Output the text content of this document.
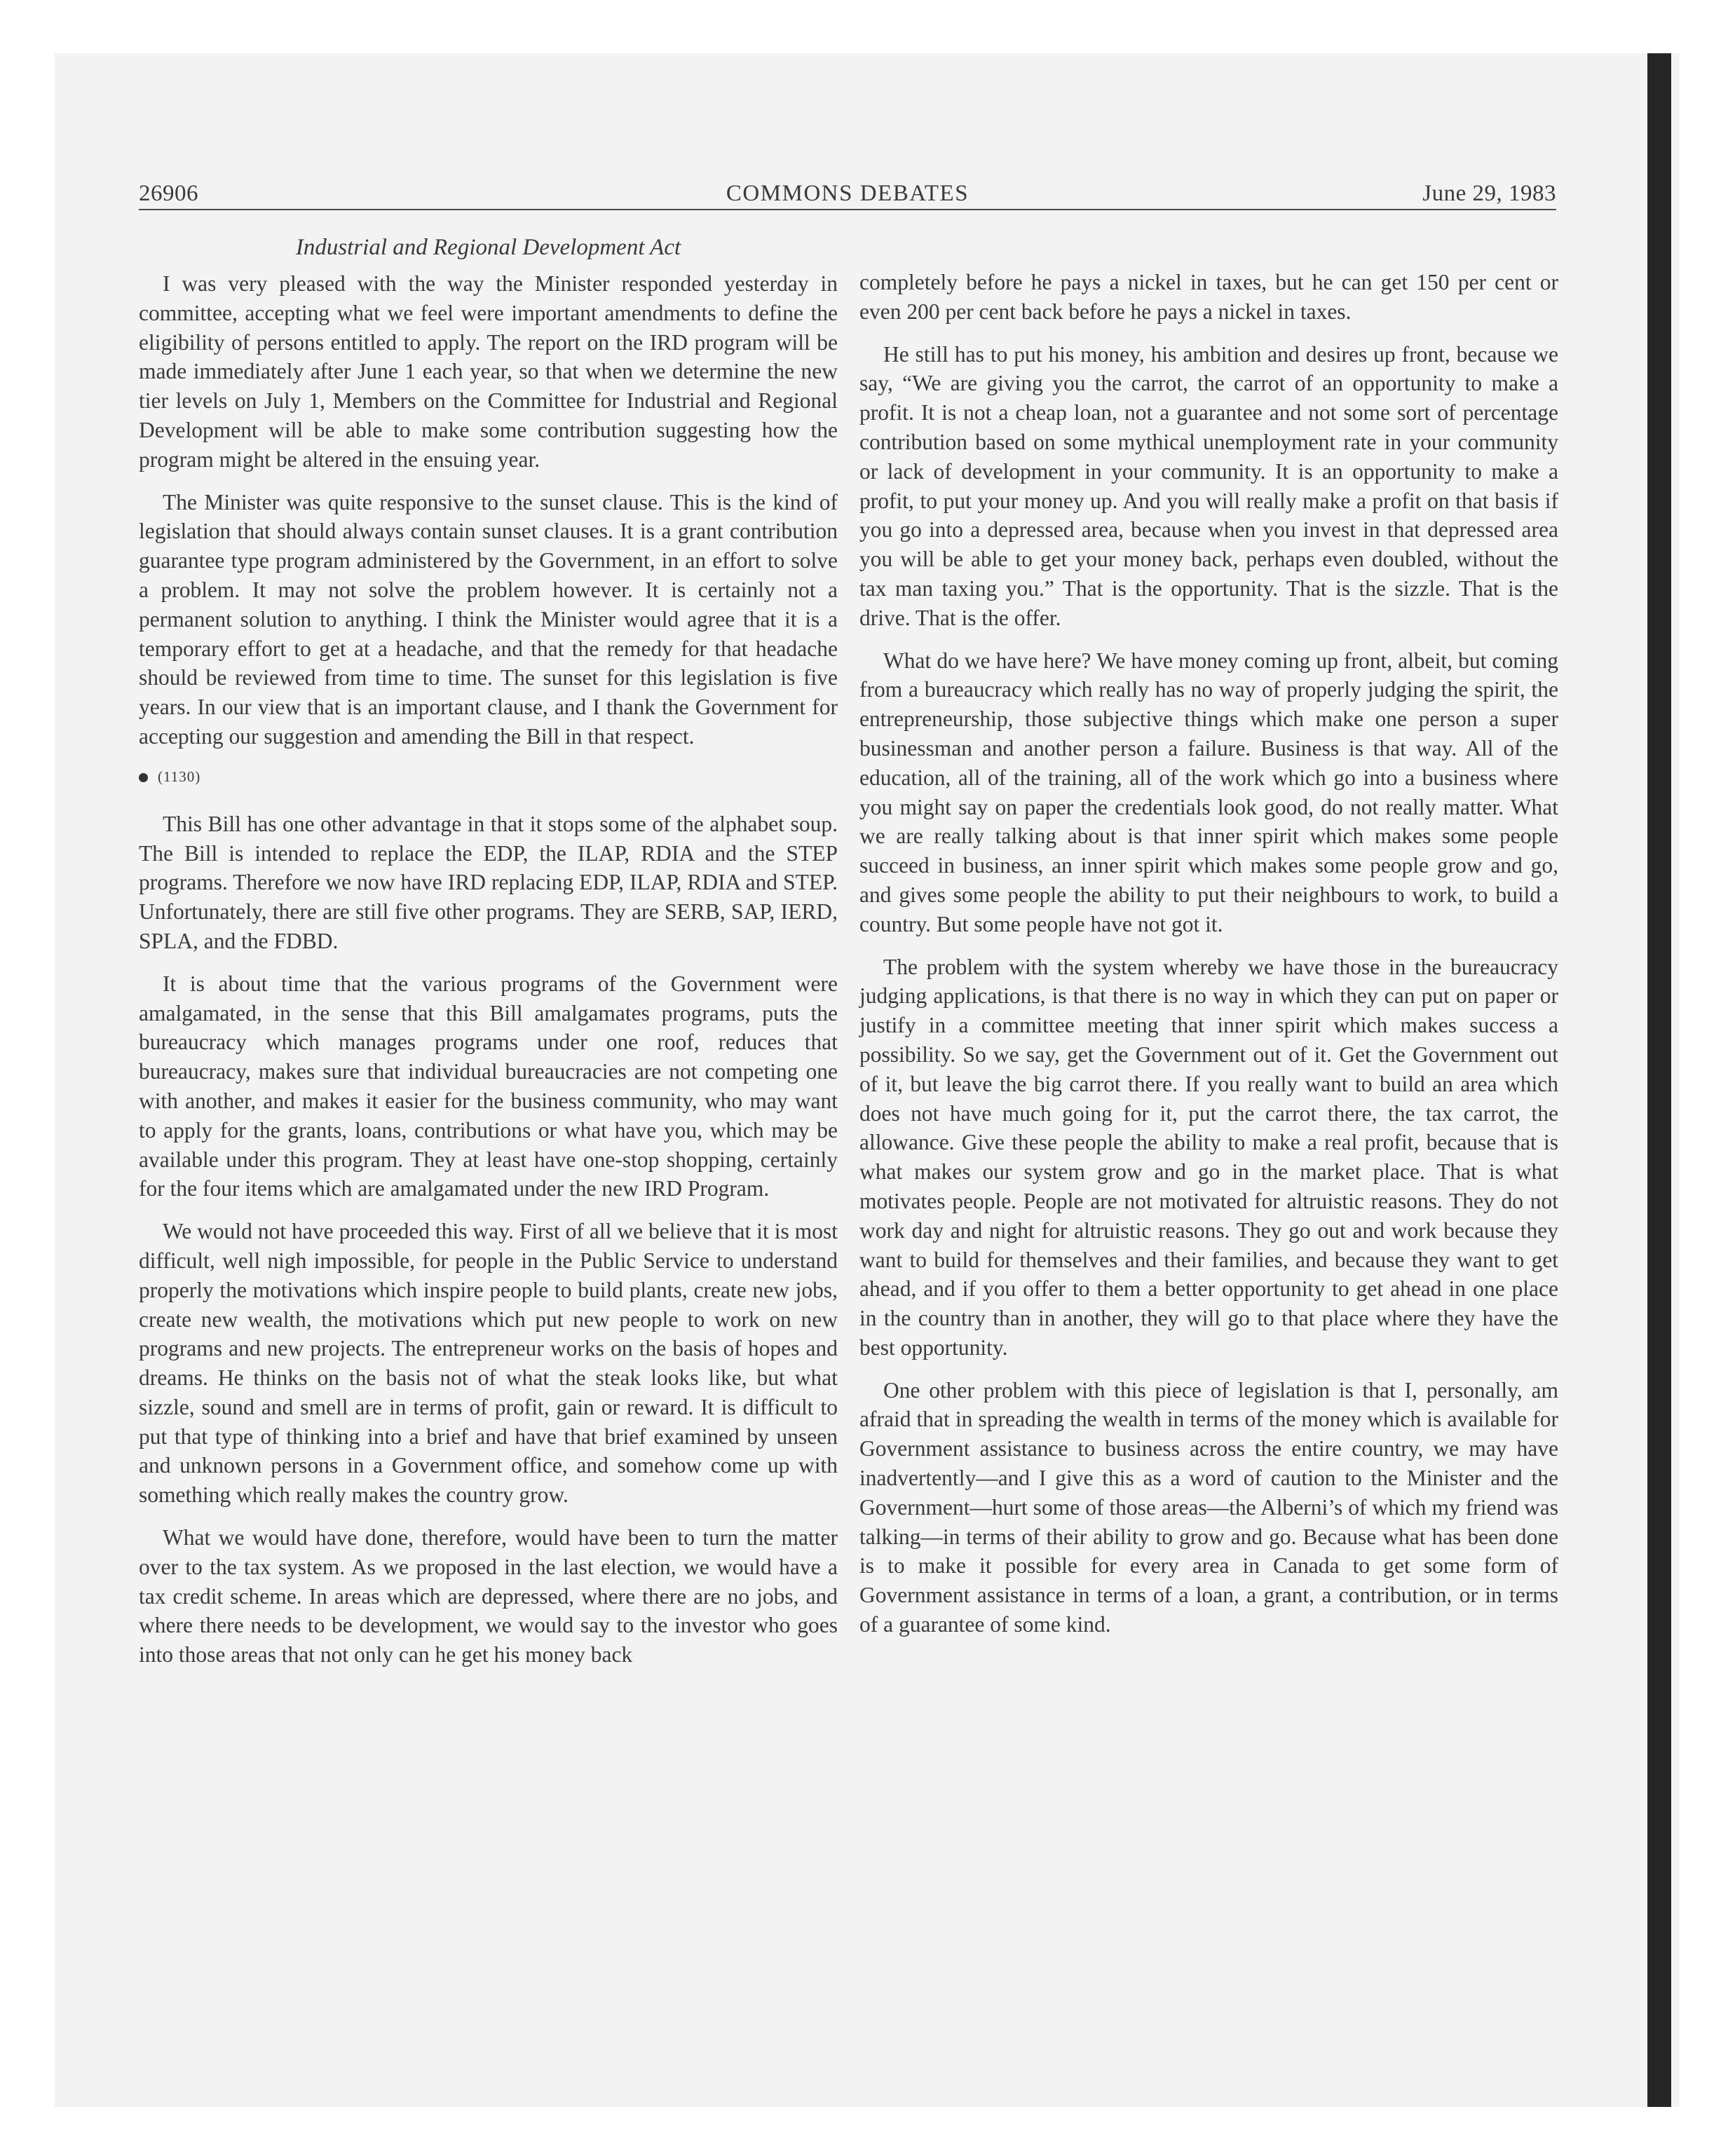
COMMONS DEBATES
26906	June 29, 1983
Industrial and Regional Development Act

I was very pleased with the way the Minister responded yesterday in committee, accepting what we feel were important amendments to define the eligibility of persons entitled to apply. The report on the IRD program will be made immediately after June 1 each year, so that when we determine the new tier levels on July 1, Members on the Committee for Industrial and Regional Development will be able to make some contribution suggesting how the program might be altered in the ensuing year.

The Minister was quite responsive to the sunset clause. This is the kind of legislation that should always contain sunset clauses. It is a grant contribution guarantee type program administered by the Government, in an effort to solve a problem. It may not solve the problem however. It is certainly not a permanent solution to anything. I think the Minister would agree that it is a temporary effort to get at a headache, and that the remedy for that headache should be reviewed from time to time. The sunset for this legislation is five years. In our view that is an important clause, and I thank the Government for accepting our suggestion and amending the Bill in that respect.

(1130)

This Bill has one other advantage in that it stops some of the alphabet soup. The Bill is intended to replace the EDP, the ILAP, RDIA and the STEP programs. Therefore we now have IRD replacing EDP, ILAP, RDIA and STEP. Unfortunately, there are still five other programs. They are SERB, SAP, IERD, SPLA, and the FDBD.

It is about time that the various programs of the Government were amalgamated, in the sense that this Bill amalgamates programs, puts the bureaucracy which manages programs under one roof, reduces that bureaucracy, makes sure that individual bureaucracies are not competing one with another, and makes it easier for the business community, who may want to apply for the grants, loans, contributions or what have you, which may be available under this program. They at least have one-stop shopping, certainly for the four items which are amalgamated under the new IRD Program.

We would not have proceeded this way. First of all we believe that it is most difficult, well nigh impossible, for people in the Public Service to understand properly the motivations which inspire people to build plants, create new jobs, create new wealth, the motivations which put new people to work on new programs and new projects. The entrepreneur works on the basis of hopes and dreams. He thinks on the basis not of what the steak looks like, but what sizzle, sound and smell are in terms of profit, gain or reward. It is difficult to put that type of thinking into a brief and have that brief examined by unseen and unknown persons in a Government office, and somehow come up with something which really makes the country grow.

What we would have done, therefore, would have been to turn the matter over to the tax system. As we proposed in the last election, we would have a tax credit scheme. In areas which are depressed, where there are no jobs, and where there needs to be development, we would say to the investor who goes into those areas that not only can he get his money back

completely before he pays a nickel in taxes, but he can get 150 per cent or even 200 per cent back before he pays a nickel in taxes.

He still has to put his money, his ambition and desires up front, because we say, “We are giving you the carrot, the carrot of an opportunity to make a profit. It is not a cheap loan, not a guarantee and not some sort of percentage contribution based on some mythical unemployment rate in your community or lack of development in your community. It is an opportunity to make a profit, to put your money up. And you will really make a profit on that basis if you go into a depressed area, because when you invest in that depressed area you will be able to get your money back, perhaps even doubled, without the tax man taxing you.” That is the opportunity. That is the sizzle. That is the drive. That is the offer.

What do we have here? We have money coming up front, albeit, but coming from a bureaucracy which really has no way of properly judging the spirit, the entrepreneurship, those subjective things which make one person a super businessman and another person a failure. Business is that way. All of the education, all of the training, all of the work which go into a business where you might say on paper the credentials look good, do not really matter. What we are really talking about is that inner spirit which makes some people succeed in business, an inner spirit which makes some people grow and go, and gives some people the ability to put their neighbours to work, to build a country. But some people have not got it.

The problem with the system whereby we have those in the bureaucracy judging applications, is that there is no way in which they can put on paper or justify in a committee meeting that inner spirit which makes success a possibility. So we say, get the Government out of it. Get the Government out of it, but leave the big carrot there. If you really want to build an area which does not have much going for it, put the carrot there, the tax carrot, the allowance. Give these people the ability to make a real profit, because that is what makes our system grow and go in the market place. That is what motivates people. People are not motivated for altruistic reasons. They do not work day and night for altruistic reasons. They go out and work because they want to build for themselves and their families, and because they want to get ahead, and if you offer to them a better opportunity to get ahead in one place in the country than in another, they will go to that place where they have the best opportunity.

One other problem with this piece of legislation is that I, personally, am afraid that in spreading the wealth in terms of the money which is available for Government assistance to business across the entire country, we may have inadvertently—and I give this as a word of caution to the Minister and the Government—hurt some of those areas—the Alberni’s of which my friend was talking—in terms of their ability to grow and go. Because what has been done is to make it possible for every area in Canada to get some form of Government assistance in terms of a loan, a grant, a contribution, or in terms of a guarantee of some kind.
